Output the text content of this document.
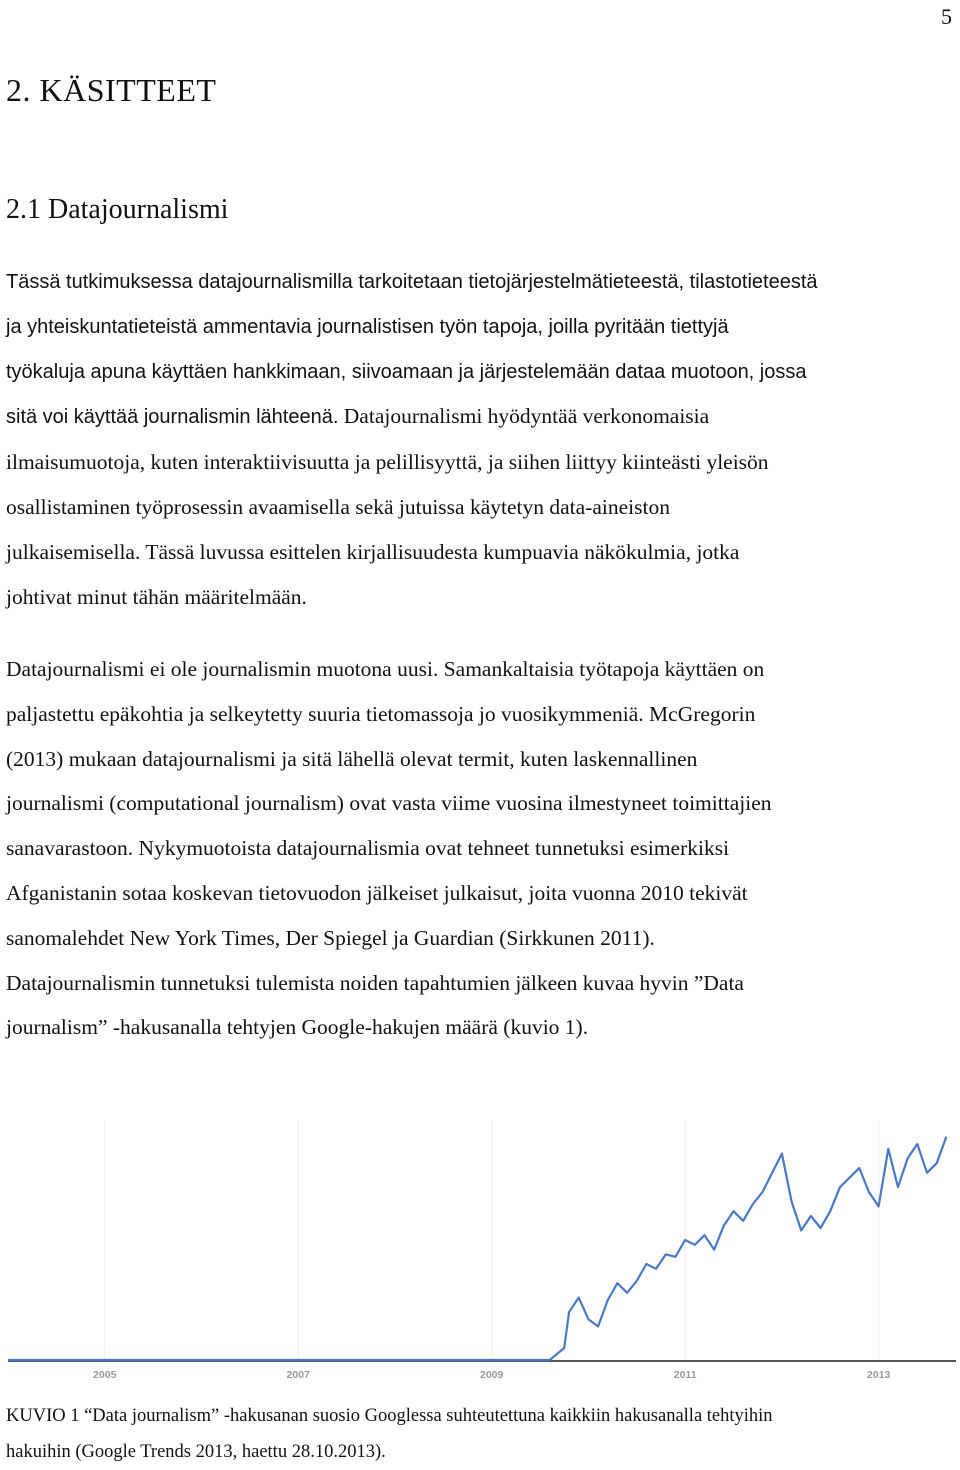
5
2. KÄSITTEET
2.1 Datajournalismi
Tässä tutkimuksessa datajournalismilla tarkoitetaan tietojärjestelmätieteestä, tilastotieteestä
ja yhteiskuntatieteistä ammentavia journalistisen työn tapoja, joilla pyritään tiettyjä
työkaluja apuna käyttäen hankkimaan, siivoamaan ja järjestelemään dataa muotoon, jossa
sitä voi käyttää journalismin lähteenä. Datajournalismi hyödyntää verkonomaisia
ilmaisumuotoja, kuten interaktiivisuutta ja pelillisyyttä, ja siihen liittyy kiinteästi yleisön
osallistaminen työprosessin avaamisella sekä jutuissa käytetyn data-aineiston
julkaisemisella. Tässä luvussa esittelen kirjallisuudesta kumpuavia näkökulmia, jotka
johtivat minut tähän määritelmään.
Datajournalismi ei ole journalismin muotona uusi. Samankaltaisia työtapoja käyttäen on
paljastettu epäkohtia ja selkeytetty suuria tietomassoja jo vuosikymmeniä. McGregorin
(2013) mukaan datajournalismi ja sitä lähellä olevat termit, kuten laskennallinen
journalismi (computational journalism) ovat vasta viime vuosina ilmestyneet toimittajien
sanavarastoon. Nykymuotoista datajournalismia ovat tehneet tunnetuksi esimerkiksi
Afganistanin sotaa koskevan tietovuodon jälkeiset julkaisut, joita vuonna 2010 tekivät
sanomalehdet New York Times, Der Spiegel ja Guardian (Sirkkunen 2011).
Datajournalismin tunnetuksi tulemista noiden tapahtumien jälkeen kuvaa hyvin ”Data
journalism” -hakusanalla tehtyjen Google-hakujen määrä (kuvio 1).
2005	2007	2009	2011	2013
KUVIO 1 “Data journalism” -hakusanan suosio Googlessa suhteutettuna kaikkiin hakusanalla tehtyihin
hakuihin (Google Trends 2013, haettu 28.10.2013).
